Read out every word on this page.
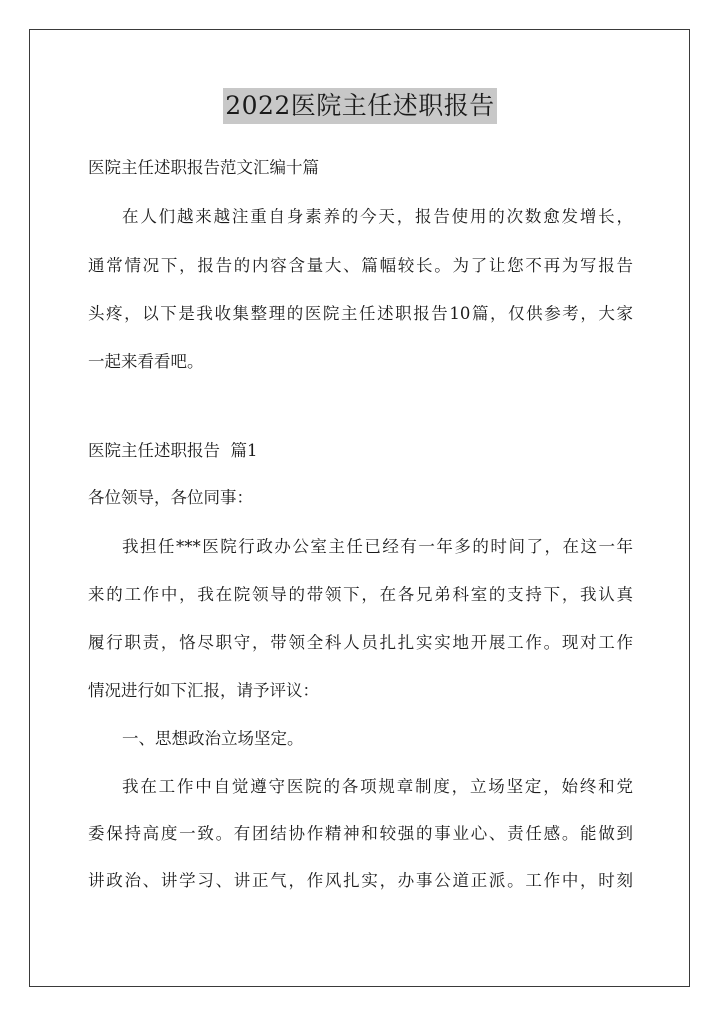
2022医院主任述职报告
医院主任述职报告范文汇编十篇
在人们越来越注重自身素养的今天，报告使用的次数愈发增长，
通常情况下，报告的内容含量大、篇幅较长。为了让您不再为写报告
头疼，以下是我收集整理的医院主任述职报告10篇，仅供参考，大家
一起来看看吧。
医院主任述职报告  篇1
各位领导，各位同事：
我担任***医院行政办公室主任已经有一年多的时间了，在这一年
来的工作中，我在院领导的带领下，在各兄弟科室的支持下，我认真
履行职责，恪尽职守，带领全科人员扎扎实实地开展工作。现对工作
情况进行如下汇报，请予评议：
一、思想政治立场坚定。
我在工作中自觉遵守医院的各项规章制度，立场坚定，始终和党
委保持高度一致。有团结协作精神和较强的事业心、责任感。能做到
讲政治、讲学习、讲正气，作风扎实，办事公道正派。工作中，时刻
